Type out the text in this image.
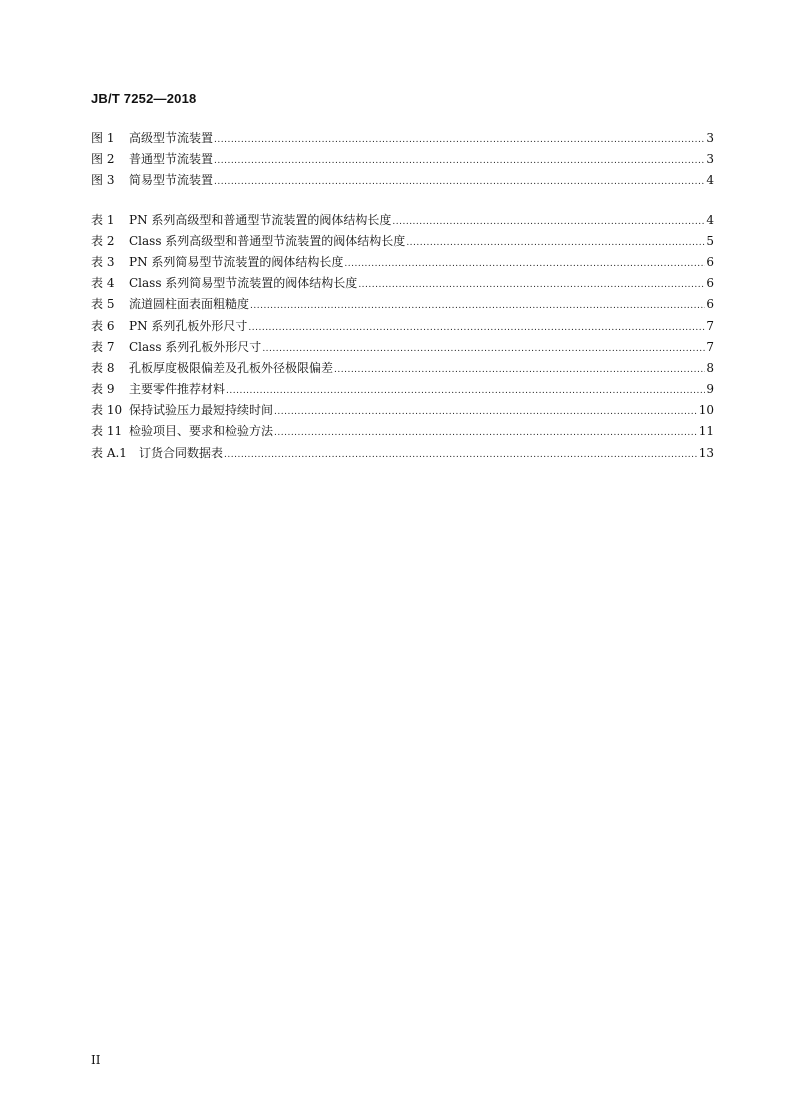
JB/T 7252—2018
图 1	高级型节流装置 .....	3
图 2	普通型节流装置 .....	3
图 3	简易型节流装置 .....	4
表 1	PN 系列高级型和普通型节流装置的阀体结构长度 .....	4
表 2	Class 系列高级型和普通型节流装置的阀体结构长度 .....	5
表 3	PN 系列简易型节流装置的阀体结构长度 .....	6
表 4	Class 系列简易型节流装置的阀体结构长度 .....	6
表 5	流道圆柱面表面粗糙度 .....	6
表 6	PN 系列孔板外形尺寸 .....	7
表 7	Class 系列孔板外形尺寸 .....	7
表 8	孔板厚度极限偏差及孔板外径极限偏差 .....	8
表 9	主要零件推荐材料 .....	9
表 10 保持试验压力最短持续时间 .....	10
表 11 检验项目、要求和检验方法 .....	11
表 A.1	订货合同数据表 .....	13
II
